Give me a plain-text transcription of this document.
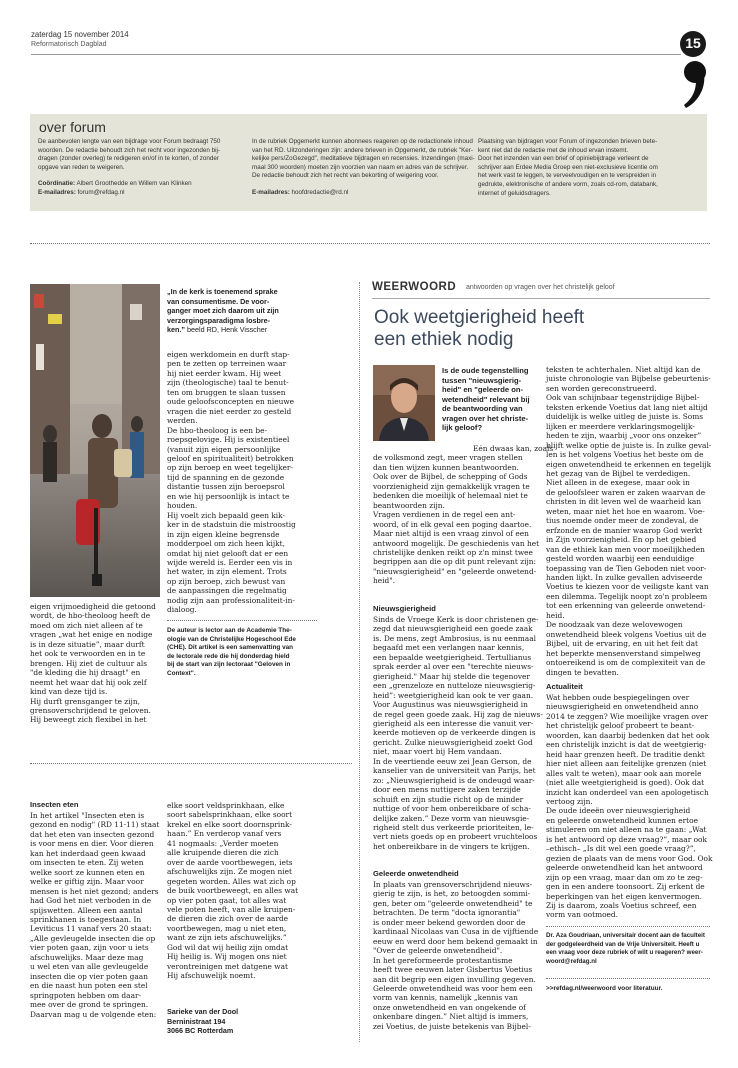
zaterdag 15 november 2014
Reformatorisch Dagblad	15
over forum
De aanbevolen lengte van een bijdrage voor Forum bedraagt 750
woorden. De redactie behoudt zich het recht voor ingezonden bij-
dragen (zonder overleg) te redigeren en/of in te korten, of zonder
opgave van reden te weigeren.
Coördinatie: Albert Groothedde en Willem van Klinken
E-mailadres: forum@refdag.nl
In de rubriek Opgemerkt kunnen abonnees reageren op de redactionele inhoud
van het RD. Uitzonderingen zijn: andere brieven in Opgemerkt, de rubriek "Ker-
kelijke pers/ZoGezegd", meditatieve bijdragen en recensies. Inzendingen (maxi-
maal 300 woorden) moeten zijn voorzien van naam en adres van de schrijver.
De redactie behoudt zich het recht van bekorting of weigering voor.
E-mailadres: hoofdredactie@rd.nl
Plaatsing van bijdragen voor Forum of ingezonden brieven bete-
kent niet dat de redactie met de inhoud ervan instemt.
Door het inzenden van een brief of opiniebijdrage verleent de
schrijver aan Erdee Media Groep een niet-exclusieve licentie om
het werk vast te leggen, te verveelvoudigen en te verspreiden in
gedrukte, elektronische of andere vorm, zoals cd-rom, databank,
internet of geluidsdragers.
„In de kerk is toenemend sprake
van consumentisme. De voor-
ganger moet zich daarom uit zijn
verzorgingsparadigma losbre-
ken.” beeld RD, Henk Visscher
eigen werkdomein en durft stap-
pen te zetten op terreinen waar
hij niet eerder kwam. Hij weet
zijn (theologische) taal te benut-
ten om bruggen te slaan tussen
oude geloofsconcepten en nieuwe
vragen die niet eerder zo gesteld
werden.
De hbo-theoloog is een be-
roepsgelovige. Hij is existentieel
(vanuit zijn eigen persoonlijke
geloof en spiritualiteit) betrokken
op zijn beroep en weet tegelijker-
tijd de spanning en de gezonde
distantie tussen zijn beroepsrol
en wie hij persoonlijk is intact te
houden.
Hij voelt zich bepaald geen kik-
ker in de stadstuin die mistroostig
in zijn eigen kleine begrensde
modderpoel om zich heen kijkt,
omdat hij niet gelooft dat er een
wijde wereld is. Eerder een vis in
het water, in zijn element. Trots
op zijn beroep, zich bewust van
de aanpassingen die regelmatig
nodig zijn aan professionaliteit-in-
dialoog.
De auteur is lector aan de Academie The-
ologie van de Christelijke Hogeschool Ede
(CHE). Dit artikel is een samenvatting van
de lectorale rede die hij donderdag hield
bij de start van zijn lectoraat "Geloven in
Context".
eigen vrijmoedigheid die getoond
wordt, de hbo-theoloog heeft de
moed om zich niet alleen af te
vragen „wat het enige en nodige
is in deze situatie”, maar durft
het ook te verwoorden en in te
brengen. Hij ziet de cultuur als
"de kleding die hij draagt" en
neemt het waar dat hij ook zelf
kind van deze tijd is.
Hij durft grensganger te zijn,
grensoverschrijdend te geloven.
Hij beweegt zich flexibel in het
Insecten eten
In het artikel "Insecten eten is
gezond en nodig" (RD 11-11) staat
dat het eten van insecten gezond
is voor mens en dier. Voor dieren
kan het inderdaad geen kwaad
om insecten te eten. Zij weten
welke soort ze kunnen eten en
welke er giftig zijn. Maar voor
mensen is het niet gezond; anders
had God het niet verboden in de
spijswetten. Alleen een aantal
sprinkhanen is toegestaan. In
Leviticus 11 vanaf vers 20 staat:
„Alle gevleugelde insecten die op
vier poten gaan, zijn voor u iets
afschuwelijks. Maar deze mag
u wel eten van alle gevleugelde
insecten die op vier poten gaan
en die naast hun poten een stel
springpoten hebben om daar-
mee over de grond te springen.
Daarvan mag u de volgende eten:
elke soort veldsprinkhaan, elke
soort sabelsprinkhaan, elke soort
krekel en elke soort doornsprink-
haan.” En verderop vanaf vers
41 nogmaals: „Verder moeten
alle kruipende dieren die zich
over de aarde voortbewegen, iets
afschuwelijks zijn. Ze mogen niet
gegeten worden. Alles wat zich op
de buik voortbeweegt, en alles wat
op vier poten gaat, tot alles wat
vele poten heeft, van alle kruipen-
de dieren die zich over de aarde
voortbewegen, mag u niet eten,
want ze zijn iets afschuwelijks.”
God wil dat wij heilig zijn omdat
Hij heilig is. Wij mogen ons niet
verontreinigen met datgene wat
Hij afschuwelijk noemt.
Sarieke van der Dool
Berninistraat 194
3066 BC Rotterdam
WEERWOORD antwoorden op vragen over het christelijk geloof
Ook weetgierigheid heeft
een ethiek nodig
Is de oude tegenstelling
tussen "nieuwsgierig-
heid" en "geleerde on-
wetendheid" relevant bij
de beantwoording van
vragen over het christe-
lijk geloof?
Eén dwaas kan, zoals
de volksmond zegt, meer vragen stellen
dan tien wijzen kunnen beantwoorden.
Ook over de Bijbel, de schepping of Gods
voorzienigheid zijn gemakkelijk vragen te
bedenken die moeilijk of helemaal niet te
beantwoorden zijn.
Vragen verdienen in de regel een ant-
woord, of in elk geval een poging daartoe.
Maar niet altijd is een vraag zinvol of een
antwoord mogelijk. De geschiedenis van het
christelijke denken reikt op z'n minst twee
begrippen aan die op dit punt relevant zijn:
"nieuwsgierigheid" en "geleerde onwetend-
heid".
Nieuwsgierigheid
Sinds de Vroege Kerk is door christenen ge-
zegd dat nieuwsgierigheid een goede zaak
is. De mens, zegt Ambrosius, is nu eenmaal
begaafd met een verlangen naar kennis,
een bepaalde weetgierigheid. Tertullianus
sprak eerder al over een "terechte nieuws-
gierigheid." Maar hij stelde die tegenover
een „grenzeloze en nutteloze nieuwsgierig-
heid”: weetgierigheid kan ook te ver gaan.
Voor Augustinus was nieuwsgierigheid in
de regel geen goede zaak. Hij zag de nieuws-
gierigheid als een interesse die vanuit ver-
keerde motieven op de verkeerde dingen is
gericht. Zulke nieuwsgierigheid zoekt God
niet, maar voert bij Hem vandaan.
In de veertiende eeuw zei Jean Gerson, de
kanselier van de universiteit van Parijs, het
zo: „Nieuwsgierigheid is de ondeugd waar-
door een mens nuttigere zaken terzijde
schuift en zijn studie richt op de minder
nuttige of voor hem onbereikbare of scha-
delijke zaken.” Deze vorm van nieuwsgie-
righeid stelt dus verkeerde prioriteiten, le-
vert niets goeds op en probeert vruchteloos
het onbereikbare in de vingers te krijgen.
Geleerde onwetendheid
In plaats van grensoverschrijdend nieuws-
gierig te zijn, is het, zo betoogden sommi-
gen, beter om "geleerde onwetendheid" te
betrachten. De term "docta ignorantia"
is onder meer bekend geworden door de
kardinaal Nicolaas van Cusa in de vijftiende
eeuw en werd door hem bekend gemaakt in
"Over de geleerde onwetendheid".
In het gereformeerde protestantisme
heeft twee eeuwen later Gisbertus Voetius
aan dit begrip een eigen invulling gegeven.
Geleerde onwetendheid was voor hem een
vorm van kennis, namelijk „kennis van
onze onwetendheid en van ongekende of
onkenbare dingen.” Niet altijd is immers,
zei Voetius, de juiste betekenis van Bijbel-
teksten te achterhalen. Niet altijd kan de
juiste chronologie van Bijbelse gebeurtenis-
sen worden gereconstrueerd.
Ook van schijnbaar tegenstrijdige Bijbel-
teksten erkende Voetius dat lang niet altijd
duidelijk is welke uitleg de juiste is. Soms
lijken er meerdere verklaringsmogelijk-
heden te zijn, waarbij „voor ons onzeker”
blijft welke optie de juiste is. In zulke geval-
len is het volgens Voetius het beste om de
eigen onwetendheid te erkennen en tegelijk
het gezag van de Bijbel te verdedigen.
Niet alleen in de exegese, maar ook in
de geloofsleer waren er zaken waarvan de
christen in dit leven wel de waarheid kan
weten, maar niet het hoe en waarom. Voe-
tius noemde onder meer de zondeval, de
erfzonde en de manier waarop God werkt
in Zijn voorzienigheid. En op het gebied
van de ethiek kan men voor moeilijkheden
gesteld worden waarbij een eenduidige
toepassing van de Tien Geboden niet voor-
handen lijkt. In zulke gevallen adviseerde
Voetius te kiezen voor de veiligste kant van
een dilemma. Tegelijk noopt zo'n probleem
tot een erkenning van geleerde onwetend-
heid.
De noodzaak van deze welovewogen
onwetendheid bleek volgens Voetius uit de
Bijbel, uit de ervaring, en uit het feit dat
het beperkte mensenverstand simpelweg
ontoereikend is om de complexiteit van de
dingen te bevatten.
Actualiteit
Wat hebben oude bespiegelingen over
nieuwsgierigheid en onwetendheid anno
2014 te zeggen? Wie moeilijke vragen over
het christelijk geloof probeert te beant-
woorden, kan daarbij bedenken dat het ook
een christelijk inzicht is dat de weetgierig-
heid haar grenzen heeft. De traditie denkt
hier niet alleen aan feitelijke grenzen (niet
alles valt te weten), maar ook aan morele
(niet alle weetgierigheid is goed). Ook dat
inzicht kan onderdeel van een apologetisch
vertoog zijn.
De oude ideeën over nieuwsgierigheid
en geleerde onwetendheid kunnen ertoe
stimuleren om niet alleen na te gaan: „Wat
is het antwoord op deze vraag?”, maar ook
–ethisch– „Is dit wel een goede vraag?”,
gezien de plaats van de mens voor God. Ook
geleerde onwetendheid kan het antwoord
zijn op een vraag, maar dan om zo te zeg-
gen in een andere toonsoort. Zij erkent de
beperkingen van het eigen kenvermogen.
Zij is daarom, zoals Voetius schreef, een
vorm van ootmoed.
Dr. Aza Goudriaan, universitair docent aan de faculteit
der godgeleerdheid van de Vrije Universiteit. Heeft u
een vraag voor deze rubriek of wilt u reageren? weer-
woord@refdag.nl
>>refdag.nl/weerwoord voor literatuur.
